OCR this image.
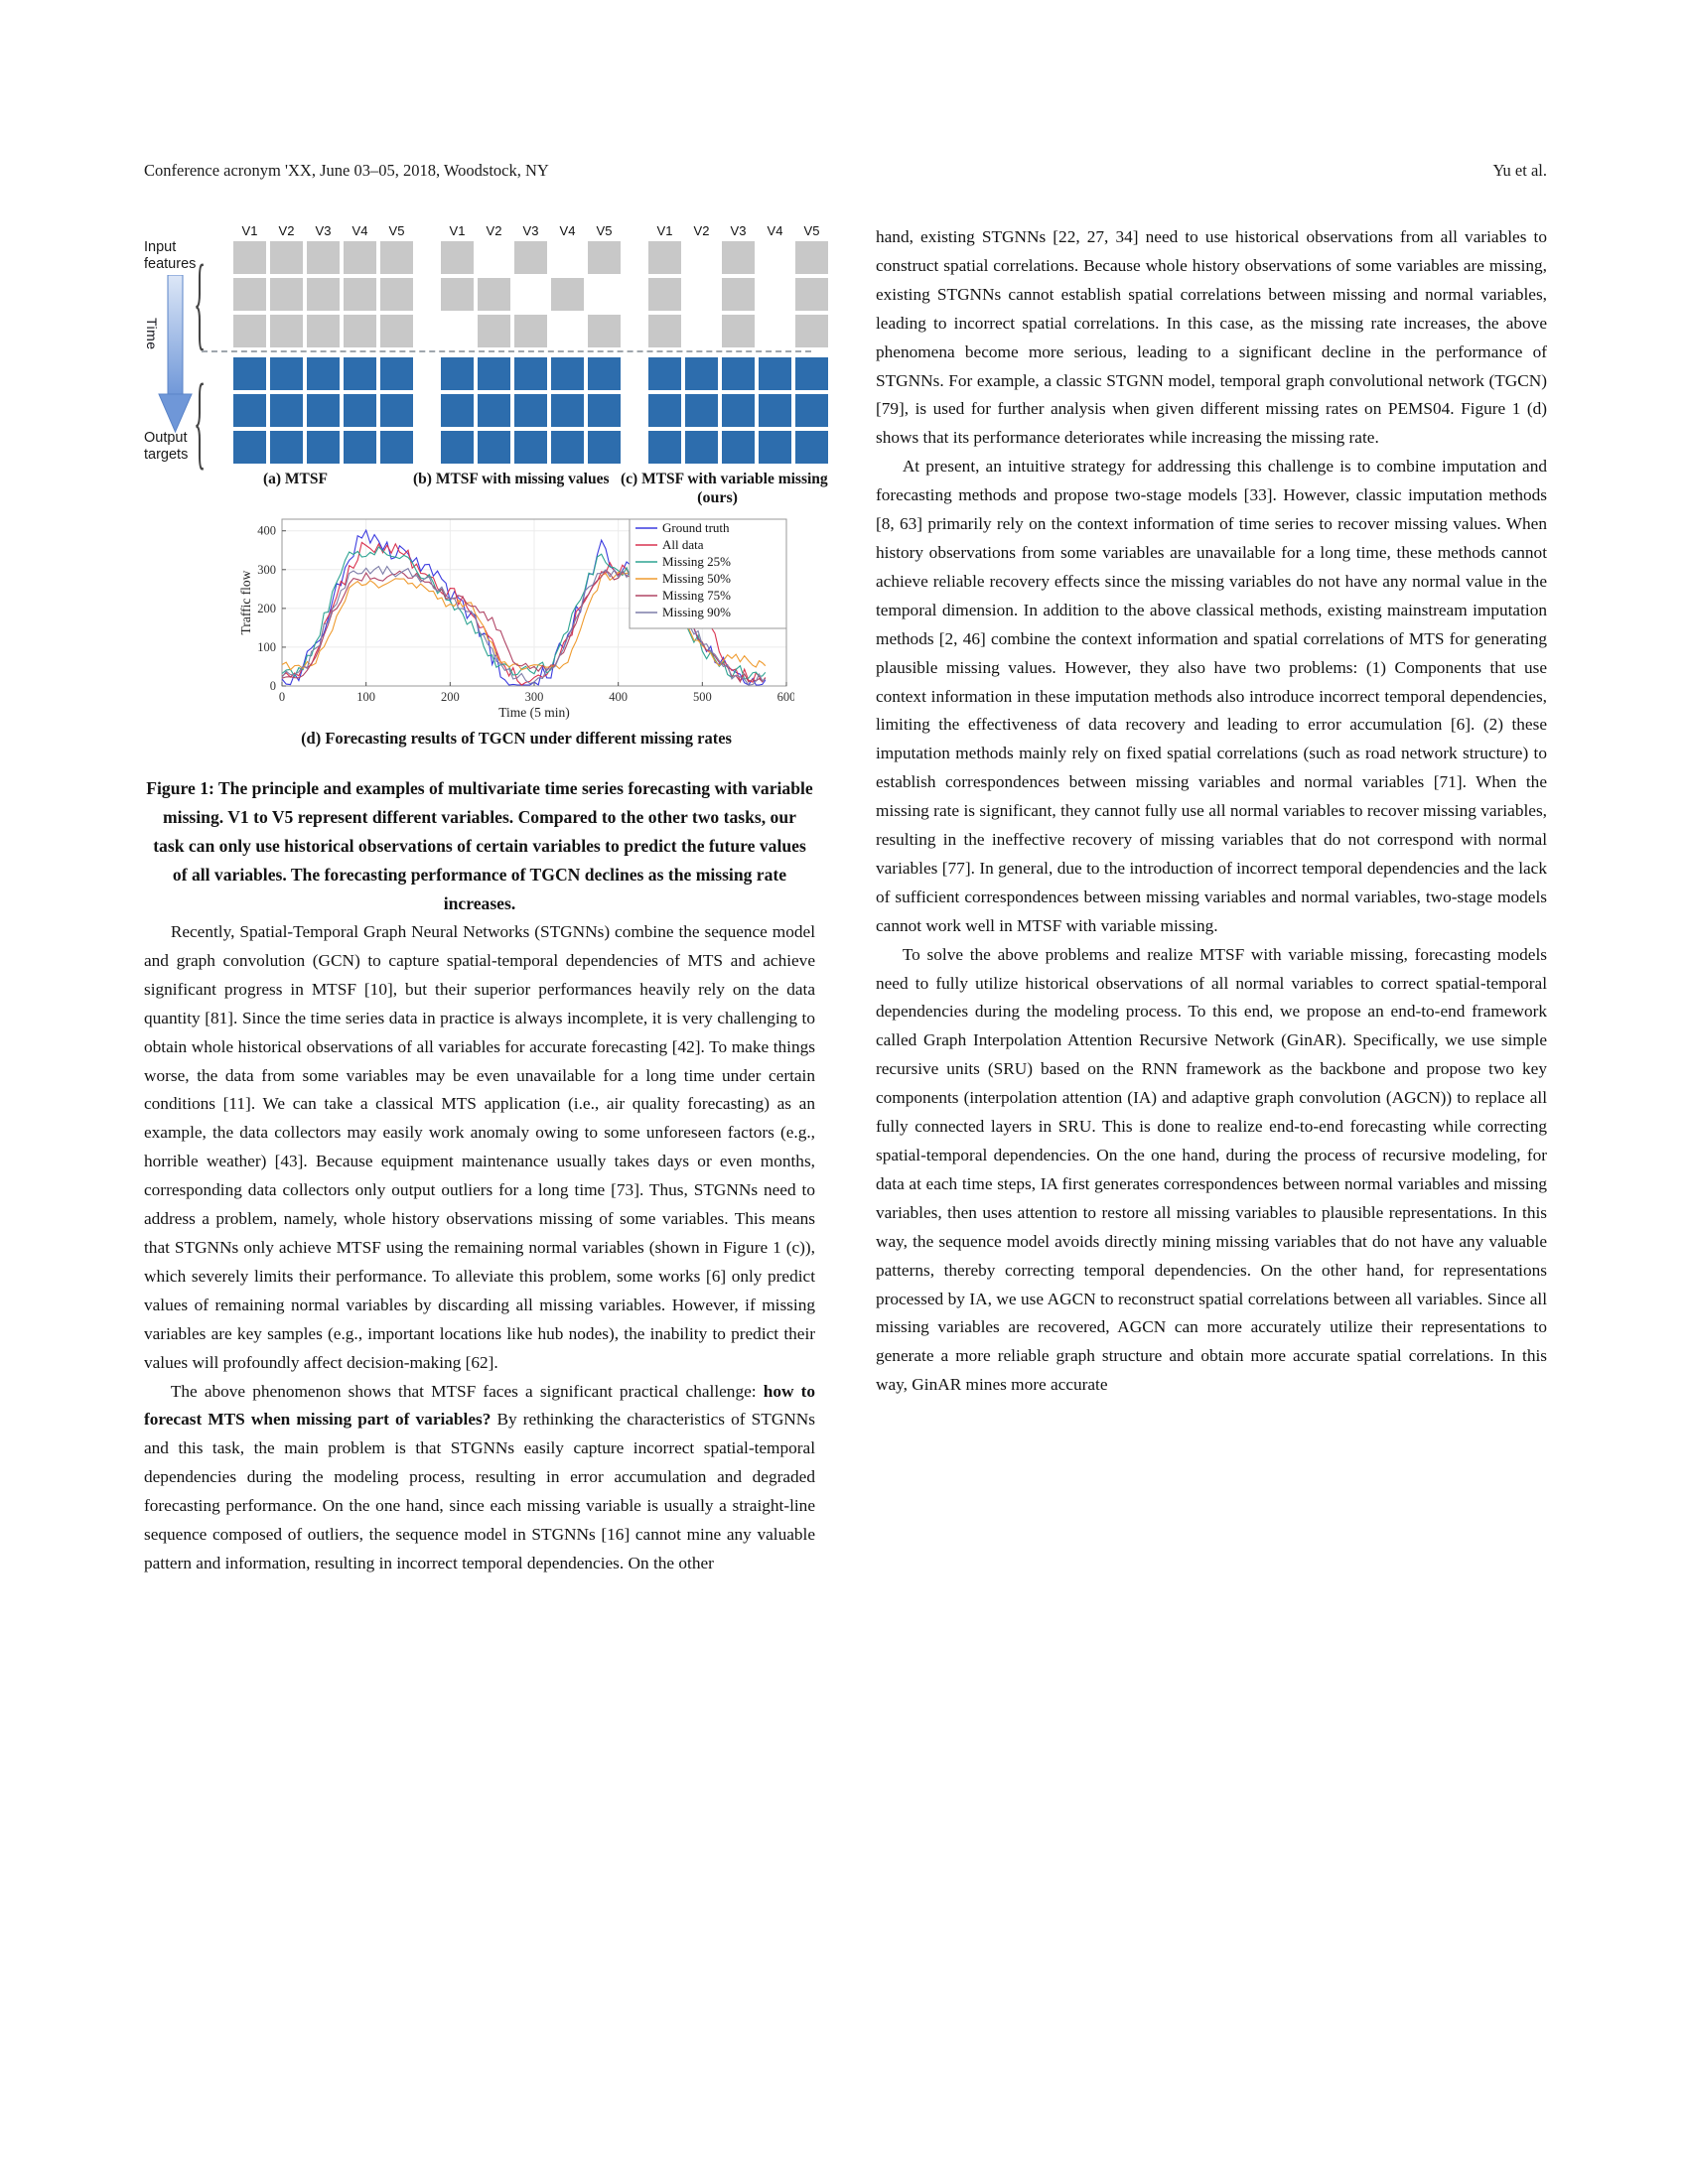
Conference acronym 'XX, June 03–05, 2018, Woodstock, NY	Yu et al.
Input
features
{
Time
Output
targets {
V1	V2	V3	V4	V5	V1	V2	V3	V4	V5	V1	V2	V3	V4	V5
(a) MTSF	(b) MTSF with missing values (c) MTSF with variable missing
(ours)
0	100	200	300	400	500	600
0
100
200
300
400
Traffic flow
Time (5 min)
Ground truth
All data
Missing 25%
Missing 50%
Missing 75%
Missing 90%
(d) Forecasting results of TGCN under different missing rates
Figure 1: The principle and examples of multivariate time series forecasting with variable missing. V1 to V5 represent different variables. Compared to the other two tasks, our task can only use historical observations of certain variables to predict the future values of all variables. The forecasting performance of TGCN declines as the missing rate increases.

Recently, Spatial-Temporal Graph Neural Networks (STGNNs) combine the sequence model and graph convolution (GCN) to capture spatial-temporal dependencies of MTS and achieve significant progress in MTSF [10], but their superior performances heavily rely on the data quantity [81]. Since the time series data in practice is always incomplete, it is very challenging to obtain whole historical observations of all variables for accurate forecasting [42]. To make things worse, the data from some variables may be even unavailable for a long time under certain conditions [11]. We can take a classical MTS application (i.e., air quality forecasting) as an example, the data collectors may easily work anomaly owing to some unforeseen factors (e.g., horrible weather) [43]. Because equipment maintenance usually takes days or even months, corresponding data collectors only output outliers for a long time [73]. Thus, STGNNs need to address a problem, namely, whole history observations missing of some variables. This means that STGNNs only achieve MTSF using the remaining normal variables (shown in Figure 1 (c)), which severely limits their performance. To alleviate this problem, some works [6] only predict values of remaining normal variables by discarding all missing variables. However, if missing variables are key samples (e.g., important locations like hub nodes), the inability to predict their values will profoundly affect decision-making [62].

The above phenomenon shows that MTSF faces a significant practical challenge: how to forecast MTS when missing part of variables? By rethinking the characteristics of STGNNs and this task, the main problem is that STGNNs easily capture incorrect spatial-temporal dependencies during the modeling process, resulting in error accumulation and degraded forecasting performance. On the one hand, since each missing variable is usually a straight-line sequence composed of outliers, the sequence model in STGNNs [16] cannot mine any valuable pattern and information, resulting in incorrect temporal dependencies. On the other

hand, existing STGNNs [22, 27, 34] need to use historical observations from all variables to construct spatial correlations. Because whole history observations of some variables are missing, existing STGNNs cannot establish spatial correlations between missing and normal variables, leading to incorrect spatial correlations. In this case, as the missing rate increases, the above phenomena become more serious, leading to a significant decline in the performance of STGNNs. For example, a classic STGNN model, temporal graph convolutional network (TGCN) [79], is used for further analysis when given different missing rates on PEMS04. Figure 1 (d) shows that its performance deteriorates while increasing the missing rate.

At present, an intuitive strategy for addressing this challenge is to combine imputation and forecasting methods and propose two-stage models [33]. However, classic imputation methods [8, 63] primarily rely on the context information of time series to recover missing values. When history observations from some variables are unavailable for a long time, these methods cannot achieve reliable recovery effects since the missing variables do not have any normal value in the temporal dimension. In addition to the above classical methods, existing mainstream imputation methods [2, 46] combine the context information and spatial correlations of MTS for generating plausible missing values. However, they also have two problems: (1) Components that use context information in these imputation methods also introduce incorrect temporal dependencies, limiting the effectiveness of data recovery and leading to error accumulation [6]. (2) these imputation methods mainly rely on fixed spatial correlations (such as road network structure) to establish correspondences between missing variables and normal variables [71]. When the missing rate is significant, they cannot fully use all normal variables to recover missing variables, resulting in the ineffective recovery of missing variables that do not correspond with normal variables [77]. In general, due to the introduction of incorrect temporal dependencies and the lack of sufficient correspondences between missing variables and normal variables, two-stage models cannot work well in MTSF with variable missing.

To solve the above problems and realize MTSF with variable missing, forecasting models need to fully utilize historical observations of all normal variables to correct spatial-temporal dependencies during the modeling process. To this end, we propose an end-to-end framework called Graph Interpolation Attention Recursive Network (GinAR). Specifically, we use simple recursive units (SRU) based on the RNN framework as the backbone and propose two key components (interpolation attention (IA) and adaptive graph convolution (AGCN)) to replace all fully connected layers in SRU. This is done to realize end-to-end forecasting while correcting spatial-temporal dependencies. On the one hand, during the process of recursive modeling, for data at each time steps, IA first generates correspondences between normal variables and missing variables, then uses attention to restore all missing variables to plausible representations. In this way, the sequence model avoids directly mining missing variables that do not have any valuable patterns, thereby correcting temporal dependencies. On the other hand, for representations processed by IA, we use AGCN to reconstruct spatial correlations between all variables. Since all missing variables are recovered, AGCN can more accurately utilize their representations to generate a more reliable graph structure and obtain more accurate spatial correlations. In this way, GinAR mines more accurate
